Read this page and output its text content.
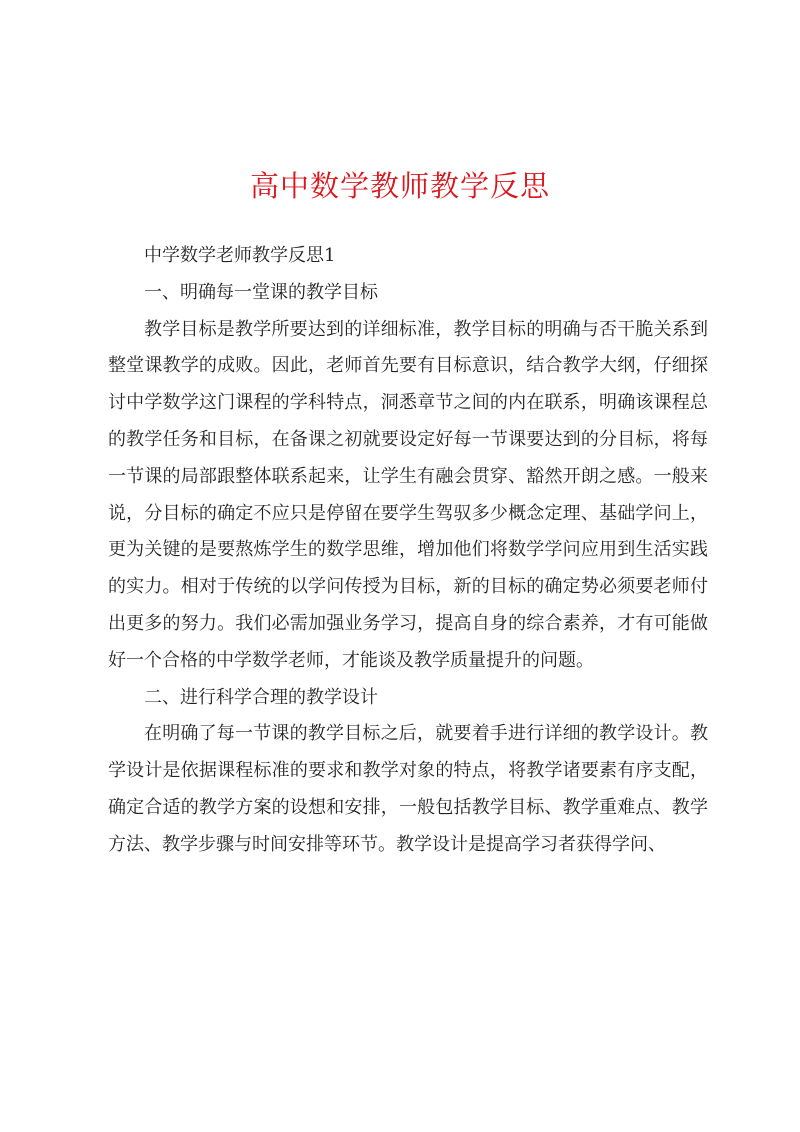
高中数学教师教学反思

中学数学老师教学反思1

一、明确每一堂课的教学目标

教学目标是教学所要达到的详细标准，教学目标的明确与否干脆关系到整堂课教学的成败。因此，老师首先要有目标意识，结合教学大纲，仔细探讨中学数学这门课程的学科特点，洞悉章节之间的内在联系，明确该课程总的教学任务和目标，在备课之初就要设定好每一节课要达到的分目标，将每一节课的局部跟整体联系起来，让学生有融会贯穿、豁然开朗之感。一般来说，分目标的确定不应只是停留在要学生驾驭多少概念定理、基础学问上，更为关键的是要熬炼学生的数学思维，增加他们将数学学问应用到生活实践的实力。相对于传统的以学问传授为目标，新的目标的确定势必须要老师付出更多的努力。我们必需加强业务学习，提高自身的综合素养，才有可能做好一个合格的中学数学老师，才能谈及教学质量提升的问题。

二、进行科学合理的教学设计

在明确了每一节课的教学目标之后，就要着手进行详细的教学设计。教学设计是依据课程标准的要求和教学对象的特点，将教学诸要素有序支配，确定合适的教学方案的设想和安排，一般包括教学目标、教学重难点、教学方法、教学步骤与时间安排等环节。教学设计是提高学习者获得学问、
